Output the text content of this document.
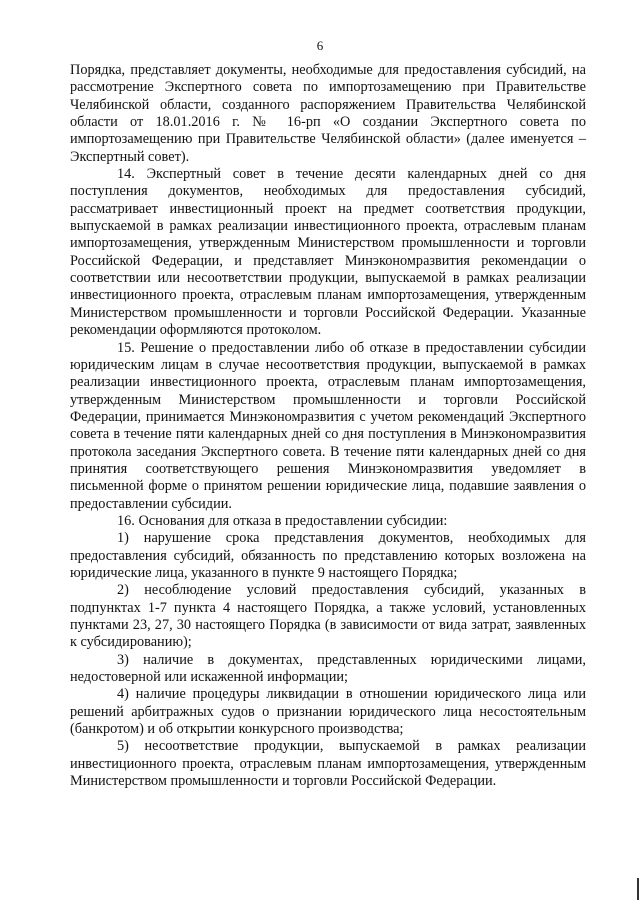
6

Порядка, представляет документы, необходимые для предоставления субсидий, на рассмотрение Экспертного совета по импортозамещению при Правительстве Челябинской области, созданного распоряжением Правительства Челябинской области от 18.01.2016 г. № 16-рп «О создании Экспертного совета по импортозамещению при Правительстве Челябинской области» (далее именуется – Экспертный совет).

14. Экспертный совет в течение десяти календарных дней со дня поступления документов, необходимых для предоставления субсидий, рассматривает инвестиционный проект на предмет соответствия продукции, выпускаемой в рамках реализации инвестиционного проекта, отраслевым планам импортозамещения, утвержденным Министерством промышленности и торговли Российской Федерации, и представляет Минэкономразвития рекомендации о соответствии или несоответствии продукции, выпускаемой в рамках реализации инвестиционного проекта, отраслевым планам импортозамещения, утвержденным Министерством промышленности и торговли Российской Федерации. Указанные рекомендации оформляются протоколом.

15. Решение о предоставлении либо об отказе в предоставлении субсидии юридическим лицам в случае несоответствия продукции, выпускаемой в рамках реализации инвестиционного проекта, отраслевым планам импортозамещения, утвержденным Министерством промышленности и торговли Российской Федерации, принимается Минэкономразвития с учетом рекомендаций Экспертного совета в течение пяти календарных дней со дня поступления в Минэкономразвития протокола заседания Экспертного совета. В течение пяти календарных дней со дня принятия соответствующего решения Минэкономразвития уведомляет в письменной форме о принятом решении юридические лица, подавшие заявления о предоставлении субсидии.

16. Основания для отказа в предоставлении субсидии:

1) нарушение срока представления документов, необходимых для предоставления субсидий, обязанность по представлению которых возложена на юридические лица, указанного в пункте 9 настоящего Порядка;

2) несоблюдение условий предоставления субсидий, указанных в подпунктах 1-7 пункта 4 настоящего Порядка, а также условий, установленных пунктами 23, 27, 30 настоящего Порядка (в зависимости от вида затрат, заявленных к субсидированию);

3) наличие в документах, представленных юридическими лицами, недостоверной или искаженной информации;

4) наличие процедуры ликвидации в отношении юридического лица или решений арбитражных судов о признании юридического лица несостоятельным (банкротом) и об открытии конкурсного производства;

5) несоответствие продукции, выпускаемой в рамках реализации инвестиционного проекта, отраслевым планам импортозамещения, утвержденным Министерством промышленности и торговли Российской Федерации.
